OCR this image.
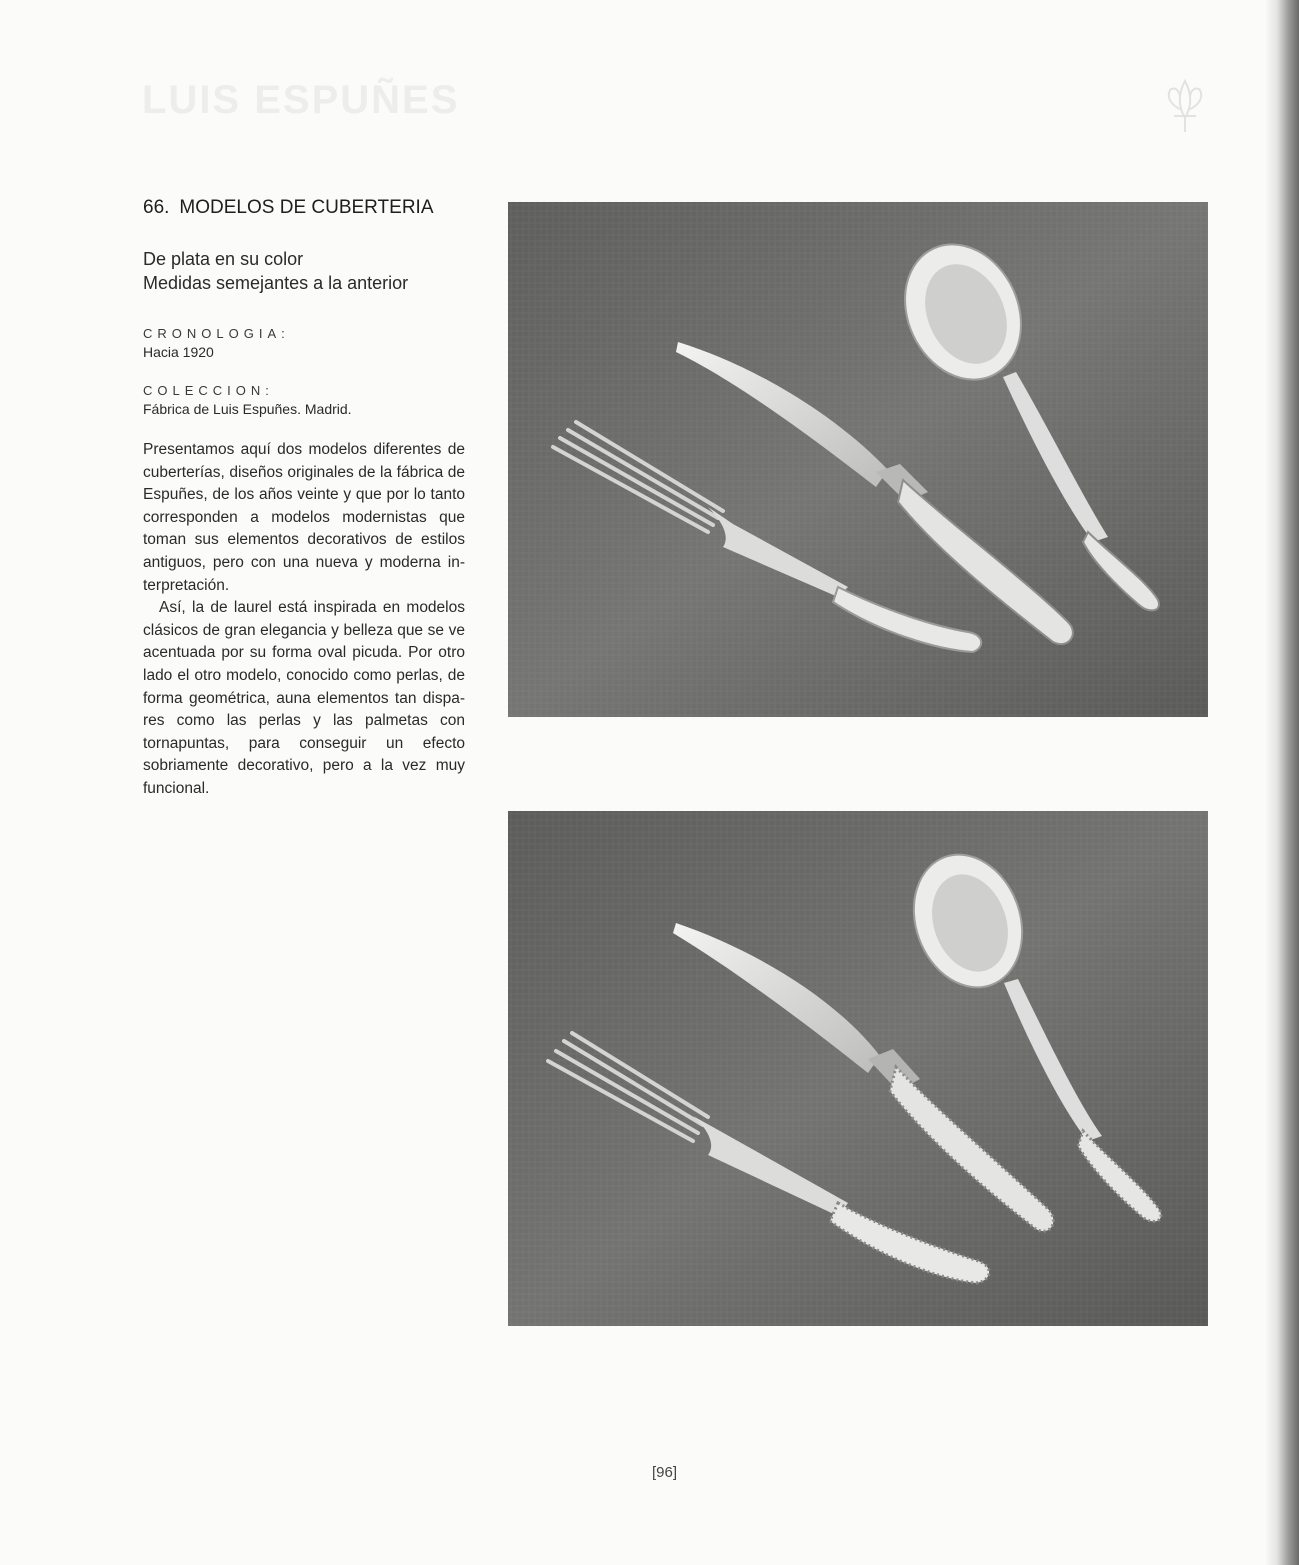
LUIS ESPUÑES
66. MODELOS DE CUBERTERIA
De plata en su color
Medidas semejantes a la anterior
CRONOLOGIA:
Hacia 1920
COLECCION:
Fábrica de Luis Espuñes. Madrid.

Presentamos aquí dos modelos diferentes de cuberterías, diseños originales de la fábrica de Espuñes, de los años veinte y que por lo tanto corresponden a modelos modernistas que toman sus elementos decorativos de estilos antiguos, pero con una nueva y moderna interpretación.

Así, la de laurel está inspirada en modelos clásicos de gran elegancia y belleza que se ve acentuada por su forma oval picuda. Por otro lado el otro modelo, conocido como perlas, de forma geométrica, auna elementos tan dispares como las perlas y las palmetas con tornapuntas, para conseguir un efecto sobriamente decorativo, pero a la vez muy funcional.

[96]
